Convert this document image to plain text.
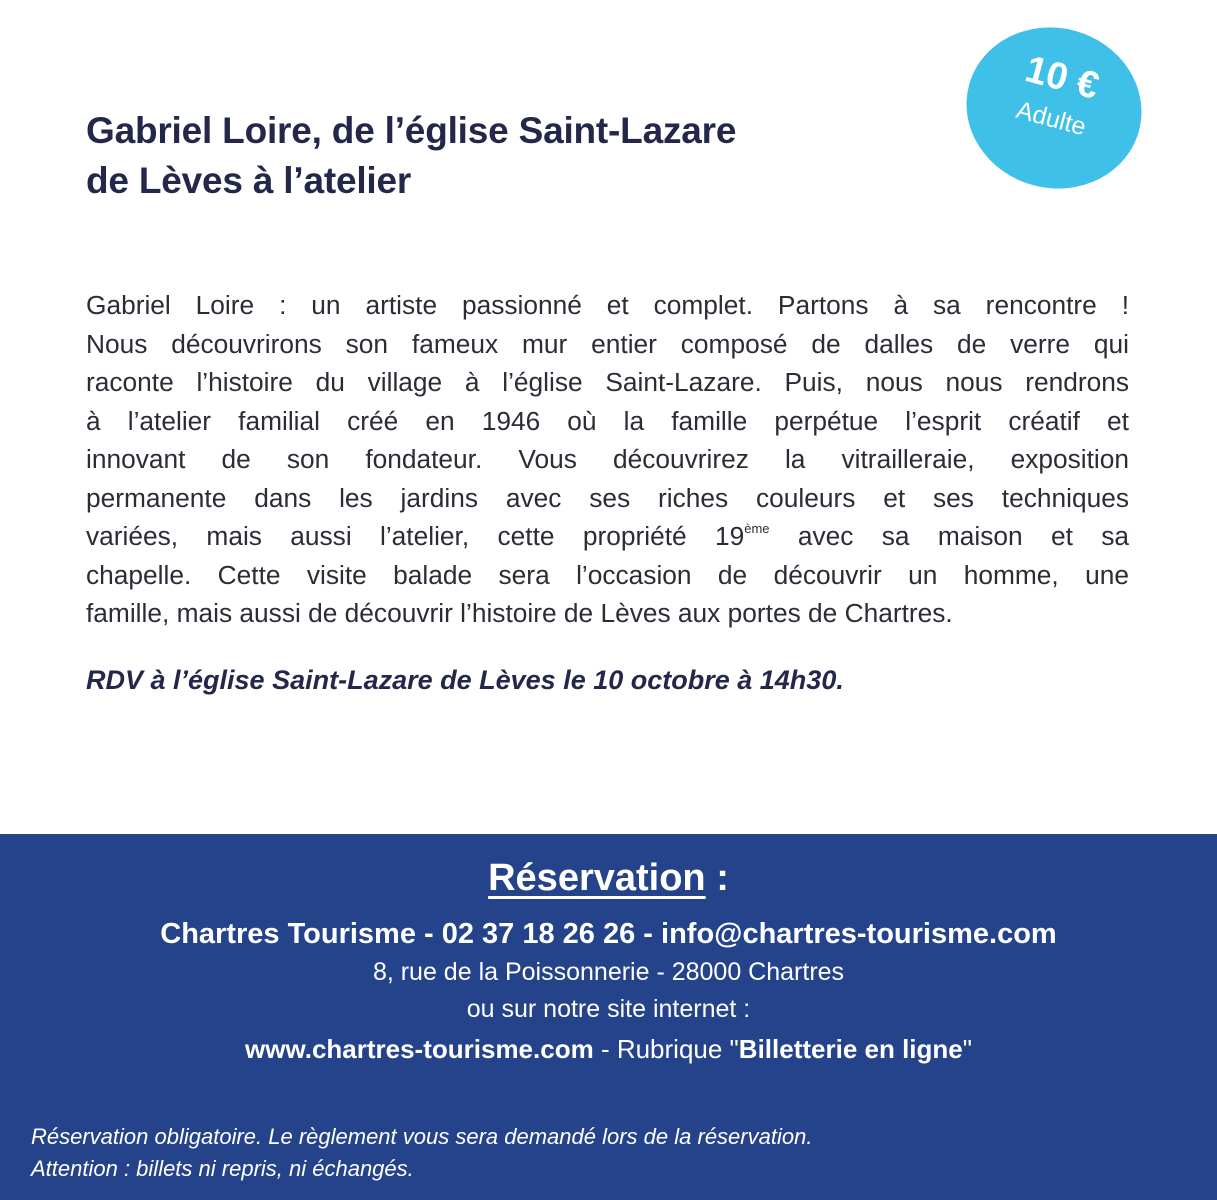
Gabriel Loire, de l’église Saint-Lazare
de Lèves à l’atelier
10 €
Adulte
Gabriel Loire : un artiste passionné et complet. Partons à sa rencontre !
Nous découvrirons son fameux mur entier composé de dalles de verre qui
raconte l’histoire du village à l’église Saint-Lazare. Puis, nous nous rendrons
à l’atelier familial créé en 1946 où la famille perpétue l’esprit créatif et
innovant de son fondateur. Vous découvrirez la vitrailleraie, exposition
permanente dans les jardins avec ses riches couleurs et ses techniques
variées, mais aussi l’atelier, cette propriété 19ème avec sa maison et sa
chapelle. Cette visite balade sera l’occasion de découvrir un homme, une
famille, mais aussi de découvrir l’histoire de Lèves aux portes de Chartres.

RDV à l’église Saint-Lazare de Lèves le 10 octobre à 14h30.

Réservation :
Chartres Tourisme - 02 37 18 26 26 - info@chartres-tourisme.com
8, rue de la Poissonnerie - 28000 Chartres
ou sur notre site internet :
www.chartres-tourisme.com - Rubrique "Billetterie en ligne"
Réservation obligatoire. Le règlement vous sera demandé lors de la réservation.
Attention : billets ni repris, ni échangés.
